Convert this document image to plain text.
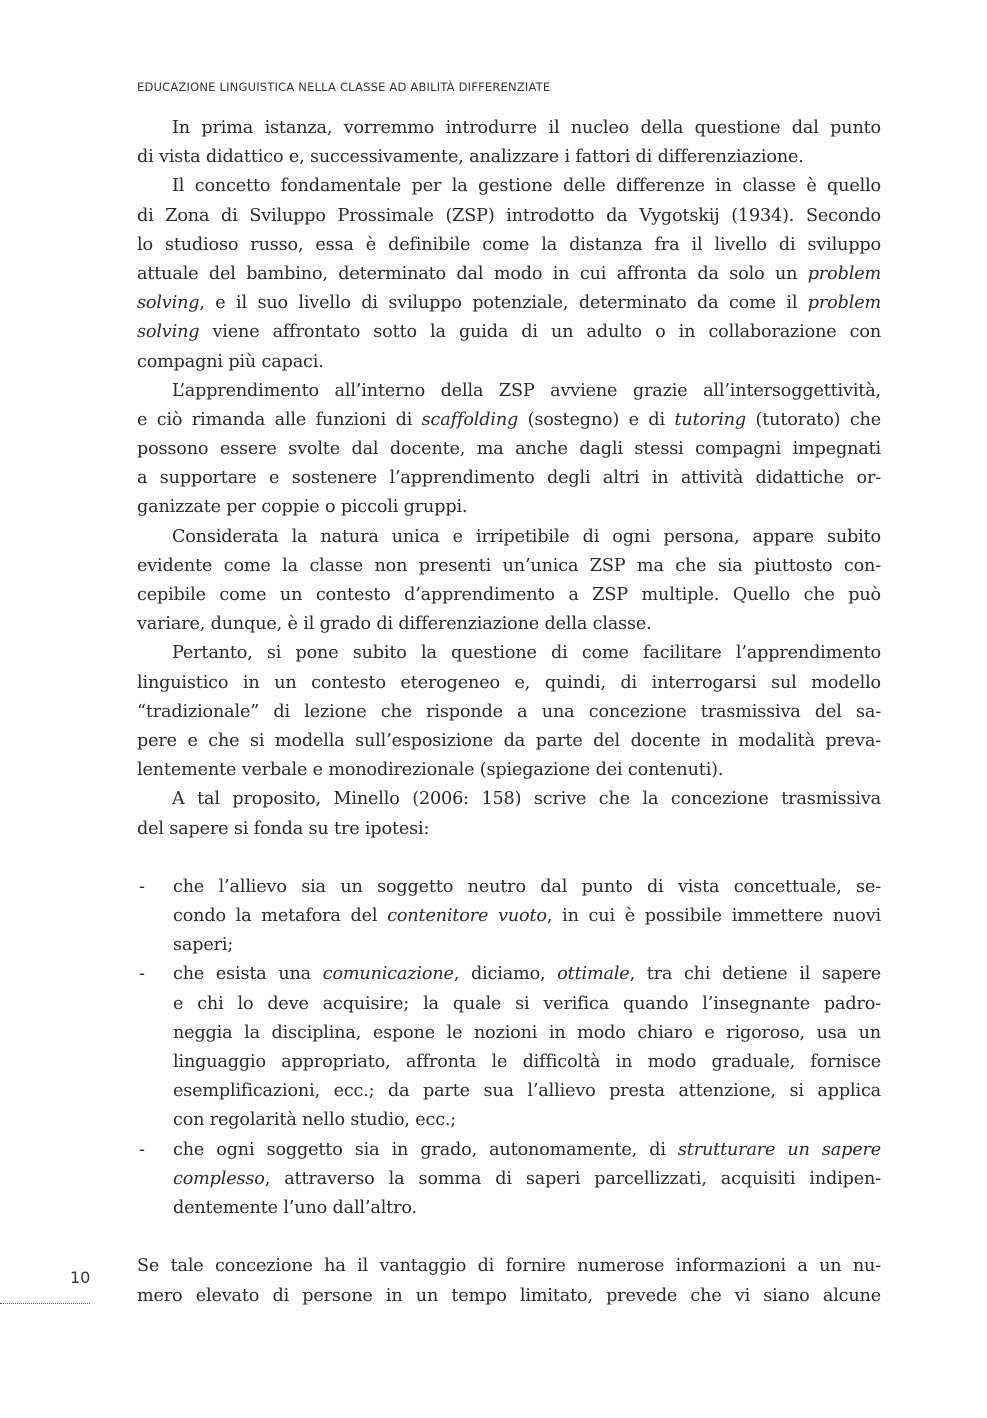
EDUCAZIONE LINGUISTICA NELLA CLASSE AD ABILITÀ DIFFERENZIATE
In prima istanza, vorremmo introdurre il nucleo della questione dal punto
di vista didattico e, successivamente, analizzare i fattori di differenziazione.
Il concetto fondamentale per la gestione delle differenze in classe è quello
di Zona di Sviluppo Prossimale (ZSP) introdotto da Vygotskij (1934). Secondo
lo studioso russo, essa è definibile come la distanza fra il livello di sviluppo
attuale del bambino, determinato dal modo in cui affronta da solo un problem
solving, e il suo livello di sviluppo potenziale, determinato da come il problem
solving viene affrontato sotto la guida di un adulto o in collaborazione con
compagni più capaci.
L’apprendimento all’interno della ZSP avviene grazie all’intersoggettività,
e ciò rimanda alle funzioni di scaffolding (sostegno) e di tutoring (tutorato) che
possono essere svolte dal docente, ma anche dagli stessi compagni impegnati
a supportare e sostenere l’apprendimento degli altri in attività didattiche or-
ganizzate per coppie o piccoli gruppi.
Considerata la natura unica e irripetibile di ogni persona, appare subito
evidente come la classe non presenti un’unica ZSP ma che sia piuttosto con-
cepibile come un contesto d’apprendimento a ZSP multiple. Quello che può
variare, dunque, è il grado di differenziazione della classe.
Pertanto, si pone subito la questione di come facilitare l’apprendimento
linguistico in un contesto eterogeneo e, quindi, di interrogarsi sul modello
“tradizionale” di lezione che risponde a una concezione trasmissiva del sa-
pere e che si modella sull’esposizione da parte del docente in modalità preva-
lentemente verbale e monodirezionale (spiegazione dei contenuti).
A tal proposito, Minello (2006: 158) scrive che la concezione trasmissiva
del sapere si fonda su tre ipotesi:
- che l’allievo sia un soggetto neutro dal punto di vista concettuale, se-
condo la metafora del contenitore vuoto, in cui è possibile immettere nuovi
saperi;
- che esista una comunicazione, diciamo, ottimale, tra chi detiene il sapere
e chi lo deve acquisire; la quale si verifica quando l’insegnante padro-
neggia la disciplina, espone le nozioni in modo chiaro e rigoroso, usa un
linguaggio appropriato, affronta le difficoltà in modo graduale, fornisce
esemplificazioni, ecc.; da parte sua l’allievo presta attenzione, si applica
con regolarità nello studio, ecc.;
- che ogni soggetto sia in grado, autonomamente, di strutturare un sapere
complesso, attraverso la somma di saperi parcellizzati, acquisiti indipen-
dentemente l’uno dall’altro.
Se tale concezione ha il vantaggio di fornire numerose informazioni a un nu-
mero elevato di persone in un tempo limitato, prevede che vi siano alcune
10
